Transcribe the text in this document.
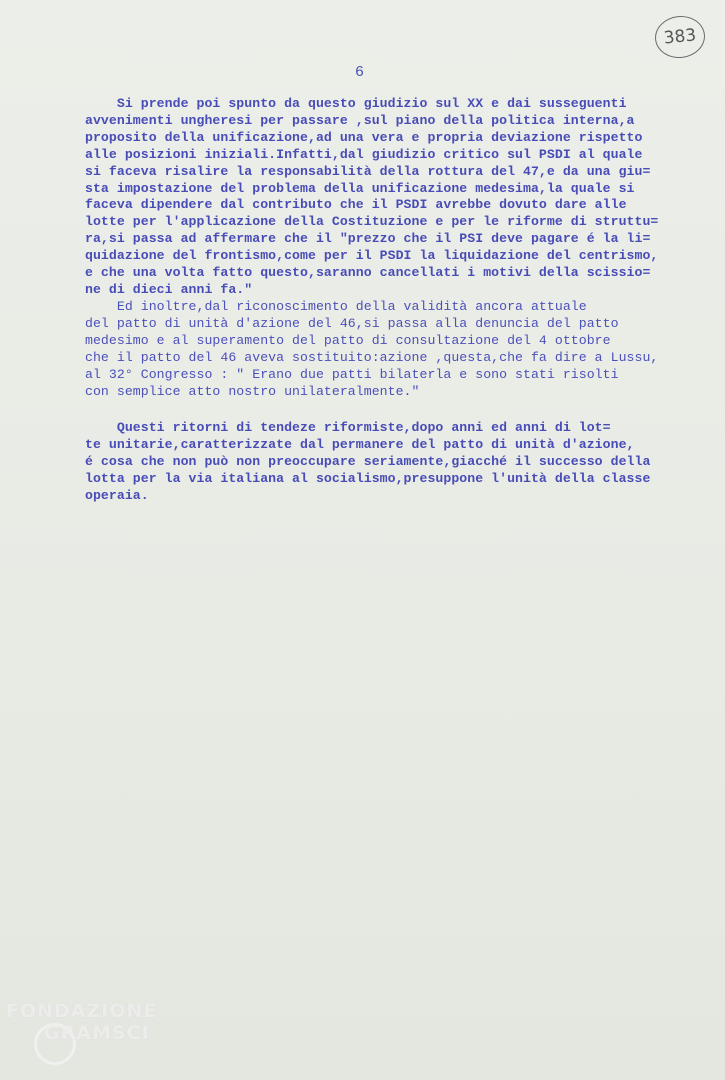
383
6
Si prende poi spunto da questo giudizio sul XX e dai susseguenti
avvenimenti ungheresi per passare ,sul piano della politica interna,a
proposito della unificazione,ad una vera e propria deviazione rispetto
alle posizioni iniziali.Infatti,dal giudizio critico sul PSDI al quale
si faceva risalire la responsabilità della rottura del 47,e da una giu=
sta impostazione del problema della unificazione medesima,la quale si
faceva dipendere dal contributo che il PSDI avrebbe dovuto dare alle
lotte per l'applicazione della Costituzione e per le riforme di struttu=
ra,si passa ad affermare che il "prezzo che il PSI deve pagare é la li=
quidazione del frontismo,come per il PSDI la liquidazione del centrismo,
e che una volta fatto questo,saranno cancellati i motivi della scissio=
ne di dieci anni fa."
Ed inoltre,dal riconoscimento della validità ancora attuale
del patto di unità d'azione del 46,si passa alla denuncia del patto
medesimo e al superamento del patto di consultazione del 4 ottobre
che il patto del 46 aveva sostituito:azione ,questa,che fa dire a Lussu,
al 32° Congresso : " Erano due patti bilaterla e sono stati risolti
con semplice atto nostro unilateralmente."
Questi ritorni di tendeze riformiste,dopo anni ed anni di lot=
te unitarie,caratterizzate dal permanere del patto di unità d'azione,
é cosa che non può non preoccupare seriamente,giacché il successo della
lotta per la via italiana al socialismo,presuppone l'unità della classe
operaia.
FONDAZIONE
GRAMSCI
